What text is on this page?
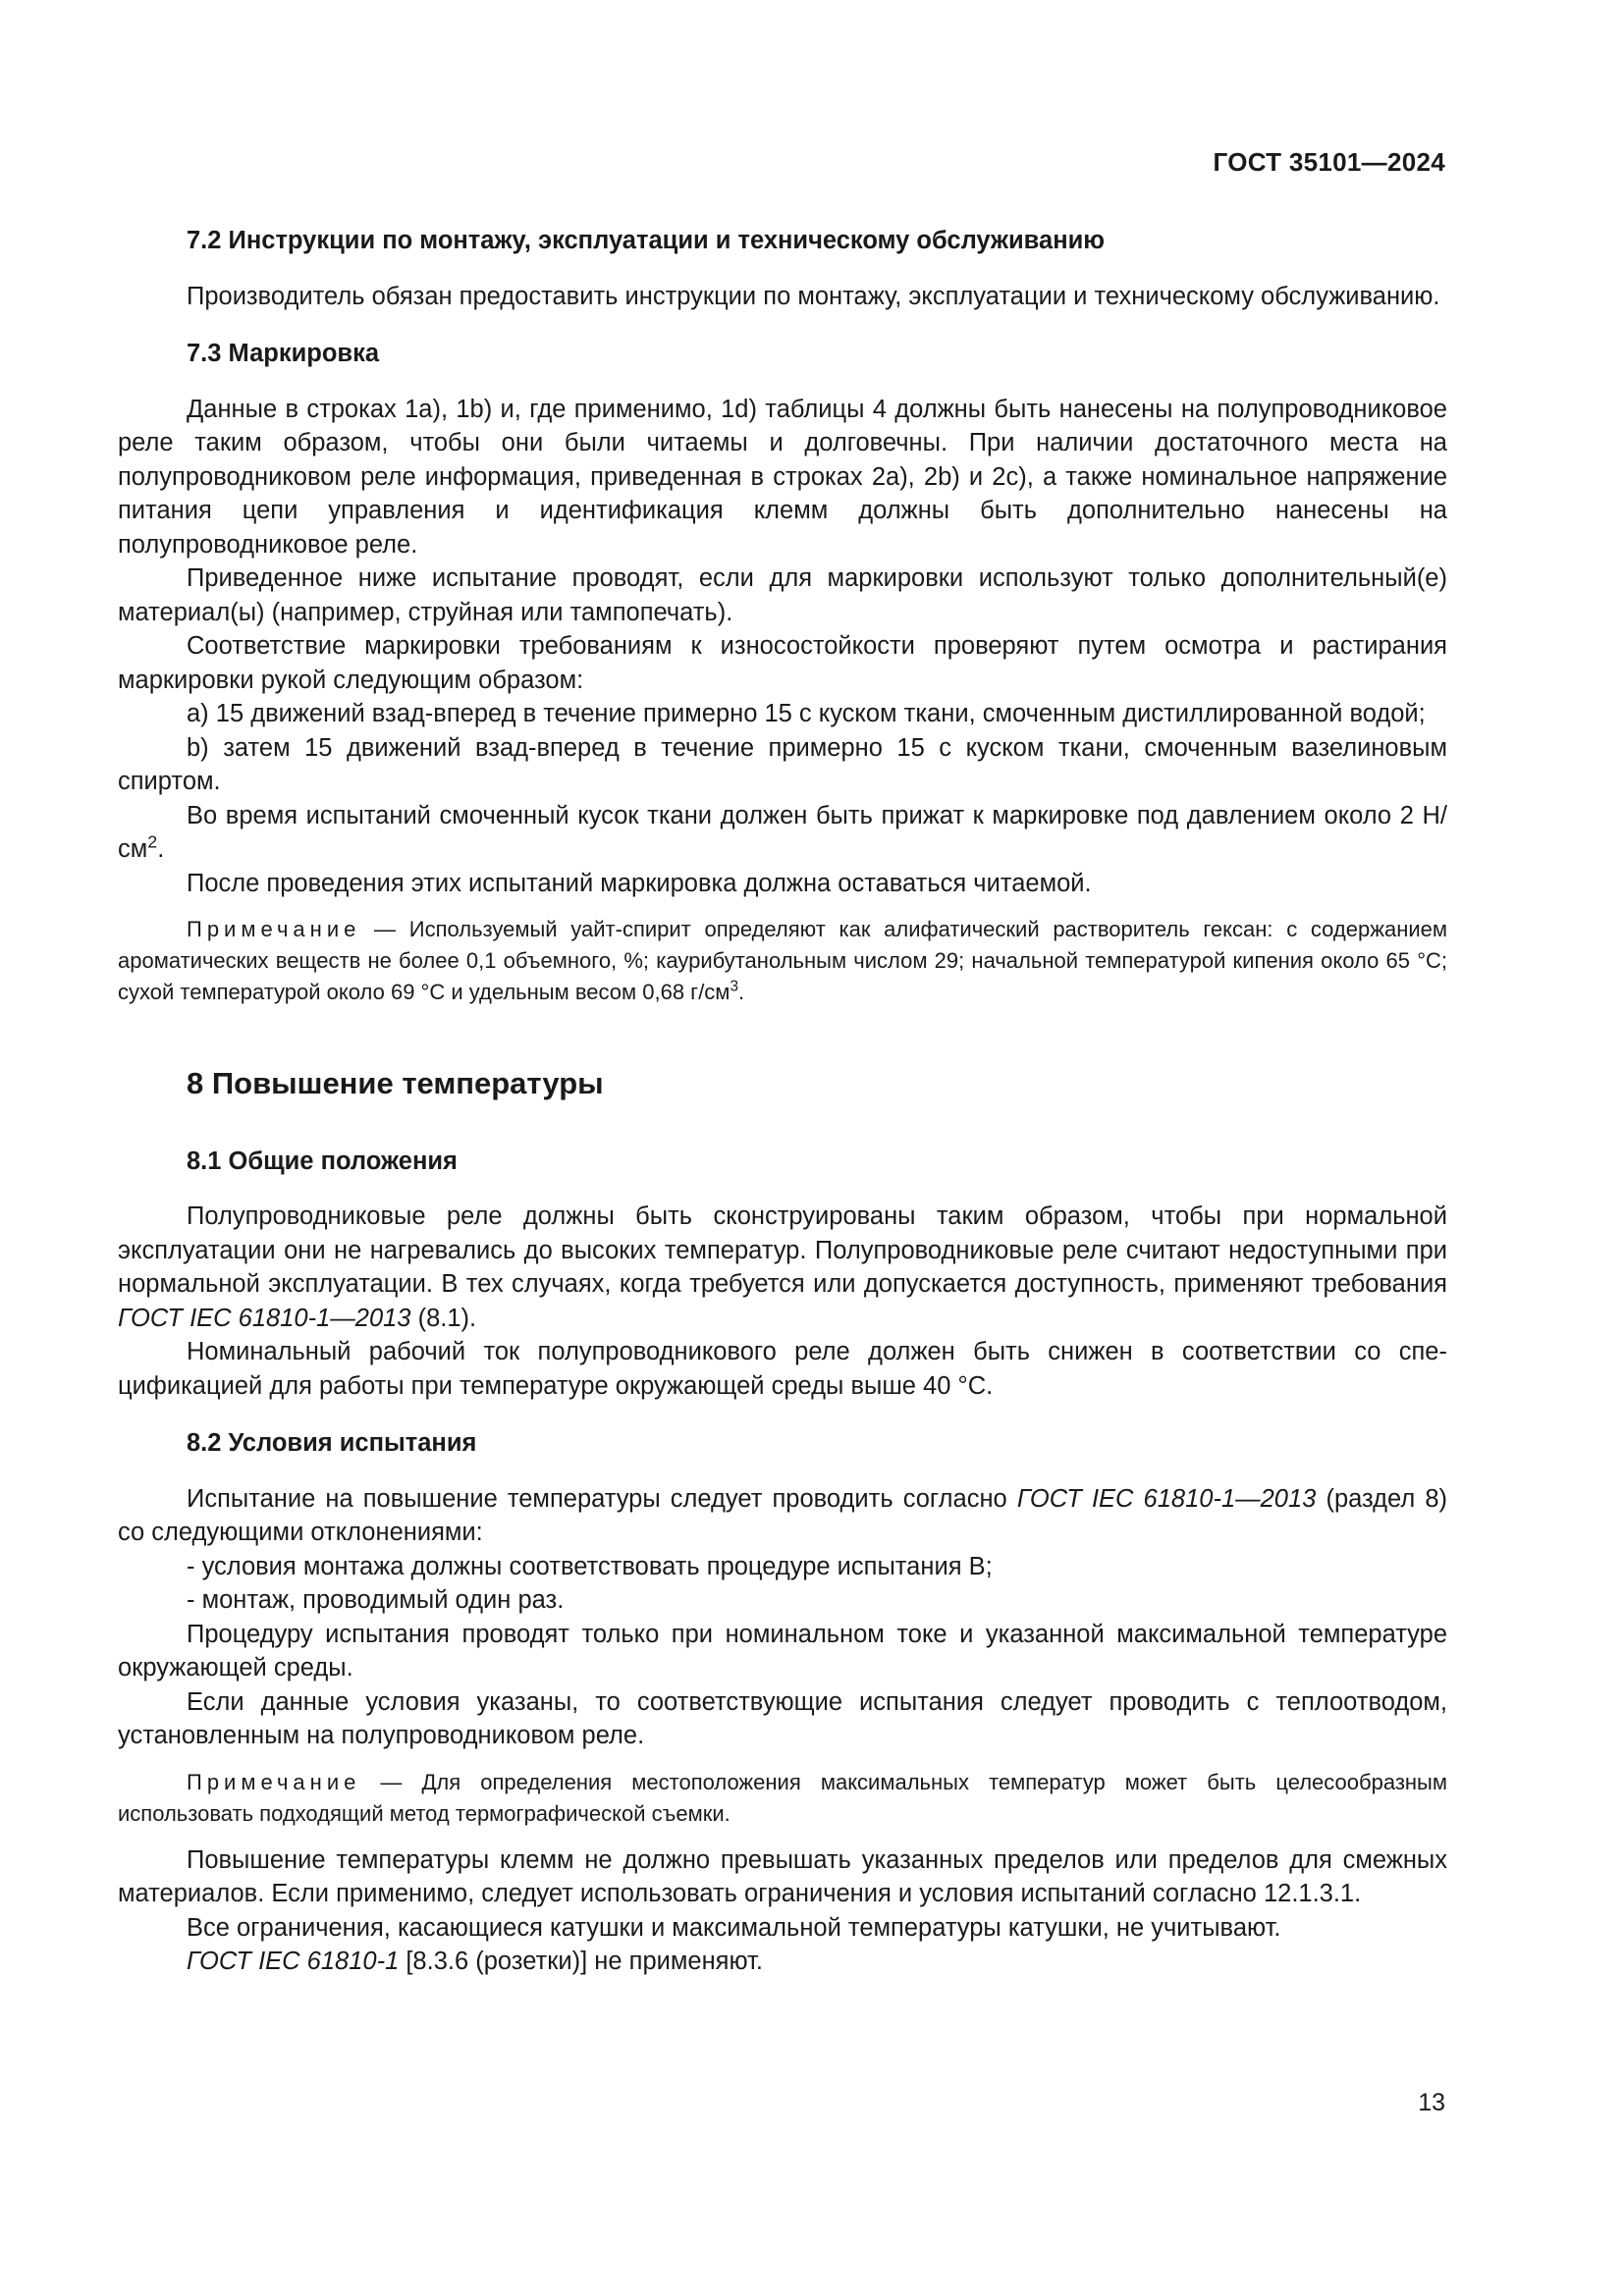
ГОСТ 35101—2024
7.2 Инструкции по монтажу, эксплуатации и техническому обслуживанию

Производитель обязан предоставить инструкции по монтажу, эксплуатации и техническому обслуживанию.

7.3 Маркировка

Данные в строках 1a), 1b) и, где применимо, 1d) таблицы 4 должны быть нанесены на полупроводниковое реле таким образом, чтобы они были читаемы и долговечны. При наличии достаточного места на полупроводниковом реле информация, приведенная в строках 2a), 2b) и 2c), а также номинальное напряжение питания цепи управления и идентификация клемм должны быть дополнительно нанесены на полупроводниковое реле.

Приведенное ниже испытание проводят, если для маркировки используют только дополнительный(е) материал(ы) (например, струйная или тампопечать).

Соответствие маркировки требованиям к износостойкости проверяют путем осмотра и растирания маркировки рукой следующим образом:

a) 15 движений взад-вперед в течение примерно 15 с куском ткани, смоченным дистиллированной водой;

b) затем 15 движений взад-вперед в течение примерно 15 с куском ткани, смоченным вазелиновым спиртом.

Во время испытаний смоченный кусок ткани должен быть прижат к маркировке под давлением около 2 $Н/см^2$.

После проведения этих испытаний маркировка должна оставаться читаемой.

Примечание — Используемый уайт-спирит определяют как алифатический растворитель гексан: с содержанием ароматических веществ не более 0,1 объемного, %; каурибутанольным числом 29; начальной температурой кипения около 65 °C; сухой температурой около 69 °C и удельным весом 0,68 $г/см^3$.

8 Повышение температуры
8.1 Общие положения

Полупроводниковые реле должны быть сконструированы таким образом, чтобы при нормальной эксплуатации они не нагревались до высоких температур. Полупроводниковые реле считают недоступными при нормальной эксплуатации. В тех случаях, когда требуется или допускается доступность, применяют требования ГОСТ IEC 61810-1—2013 (8.1).

Номинальный рабочий ток полупроводникового реле должен быть снижен в соответствии со спецификацией для работы при температуре окружающей среды выше 40 °C.

8.2 Условия испытания

Испытание на повышение температуры следует проводить согласно ГОСТ IEC 61810-1—2013 (раздел 8) со следующими отклонениями:

- условия монтажа должны соответствовать процедуре испытания B;

- монтаж, проводимый один раз.

Процедуру испытания проводят только при номинальном токе и указанной максимальной температуре окружающей среды.

Если данные условия указаны, то соответствующие испытания следует проводить с теплоотводом, установленным на полупроводниковом реле.

Примечание — Для определения местоположения максимальных температур может быть целесообразным использовать подходящий метод термографической съемки.

Повышение температуры клемм не должно превышать указанных пределов или пределов для смежных материалов. Если применимо, следует использовать ограничения и условия испытаний согласно 12.1.3.1.

Все ограничения, касающиеся катушки и максимальной температуры катушки, не учитывают.

ГОСТ IEC 61810-1 [8.3.6 (розетки)] не применяют.

13
